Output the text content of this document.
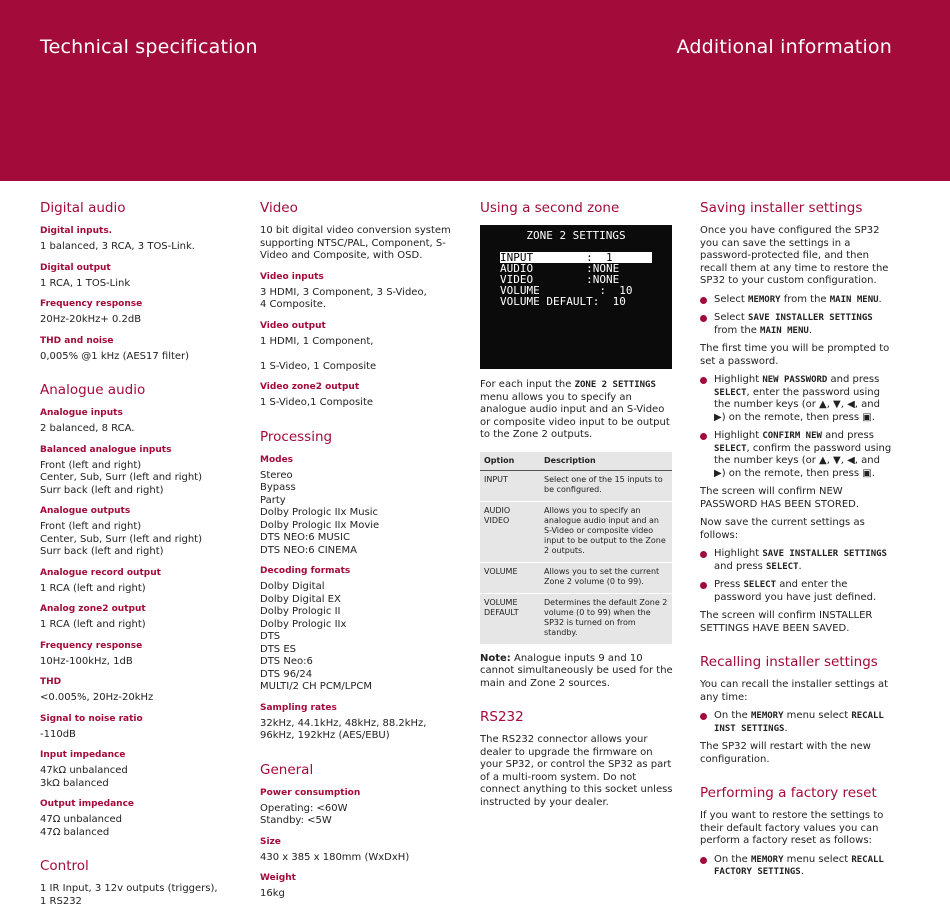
Technical specification	Additional information
Digital audio
Digital inputs.
1 balanced, 3 RCA, 3 TOS-Link.
Digital output
1 RCA, 1 TOS-Link
Frequency response
20Hz-20kHz+ 0.2dB
THD and noise
0,005% @1 kHz (AES17 filter)
Analogue audio
Analogue inputs
2 balanced, 8 RCA.
Balanced analogue inputs
Front (left and right)
Center, Sub, Surr (left and right)
Surr back (left and right)
Analogue outputs
Front (left and right)
Center, Sub, Surr (left and right)
Surr back (left and right)
Analogue record output
1 RCA (left and right)
Analog zone2 output
1 RCA (left and right)
Frequency response
10Hz-100kHz, 1dB
THD
<0.005%, 20Hz-20kHz
Signal to noise ratio
-110dB
Input impedance
47kΩ unbalanced
3kΩ balanced
Output impedance
47Ω unbalanced
47Ω balanced
Control
1 IR Input, 3 12v outputs (triggers),
1 RS232
Video
10 bit digital video conversion system supporting NTSC/PAL, Component, S-Video and Composite, with OSD.
Video inputs
3 HDMI, 3 Component, 3 S-Video,
4 Composite.
Video output
1 HDMI, 1 Component,

1 S-Video, 1 Composite
Video zone2 output
1 S-Video,1 Composite
Processing
Modes
Stereo
Bypass
Party
Dolby Prologic IIx Music
Dolby Prologic IIx Movie
DTS NEO:6 MUSIC
DTS NEO:6 CINEMA
Decoding formats
Dolby Digital
Dolby Digital EX
Dolby Prologic II
Dolby Prologic IIx
DTS
DTS ES
DTS Neo:6
DTS 96/24
MULTI/2 CH PCM/LPCM
Sampling rates
32kHz, 44.1kHz, 48kHz, 88.2kHz, 96kHz, 192kHz (AES/EBU)
General
Power consumption
Operating: <60W
Standby: <5W
Size
430 x 385 x 180mm (WxDxH)
Weight
16kg
Using a second zone
ZONE 2 SETTINGS
INPUT        :  1
AUDIO        :NONE
VIDEO        :NONE
VOLUME         :  10
VOLUME DEFAULT:  10
For each input the ZONE 2 SETTINGS menu allows you to specify an analogue audio input and an S-Video or composite video input to be output to the Zone 2 outputs.
Option	Description
INPUT	Select one of the 15 inputs to be configured.
AUDIO
VIDEO	Allows you to specify an analogue audio input and an S-Video or composite video input to be output to the Zone 2 outputs.
VOLUME	Allows you to set the current Zone 2 volume (0 to 99).
VOLUME
DEFAULT	Determines the default Zone 2 volume (0 to 99) when the SP32 is turned on from standby.
Note: Analogue inputs 9 and 10 cannot simultaneously be used for the main and Zone 2 sources.
RS232
The RS232 connector allows your dealer to upgrade the firmware on your SP32, or control the SP32 as part of a multi-room system. Do not connect anything to this socket unless instructed by your dealer.
Saving installer settings
Once you have configured the SP32 you can save the settings in a password-protected file, and then recall them at any time to restore the SP32 to your custom configuration.
Select MEMORY from the MAIN MENU.
Select SAVE INSTALLER SETTINGS from the MAIN MENU.
The first time you will be prompted to set a password.
Highlight NEW PASSWORD and press SELECT, enter the password using the number keys (or ▲, ▼, ◀, and ▶) on the remote, then press ▣.
Highlight CONFIRM NEW and press SELECT, confirm the password using the number keys (or ▲, ▼, ◀, and ▶) on the remote, then press ▣.
The screen will confirm NEW PASSWORD HAS BEEN STORED.
Now save the current settings as follows:
Highlight SAVE INSTALLER SETTINGS and press SELECT.
Press SELECT and enter the password you have just defined.
The screen will confirm INSTALLER SETTINGS HAVE BEEN SAVED.
Recalling installer settings
You can recall the installer settings at any time:
On the MEMORY menu select RECALL INST SETTINGS.
The SP32 will restart with the new configuration.
Performing a factory reset
If you want to restore the settings to their default factory values you can perform a factory reset as follows:
On the MEMORY menu select RECALL FACTORY SETTINGS.
